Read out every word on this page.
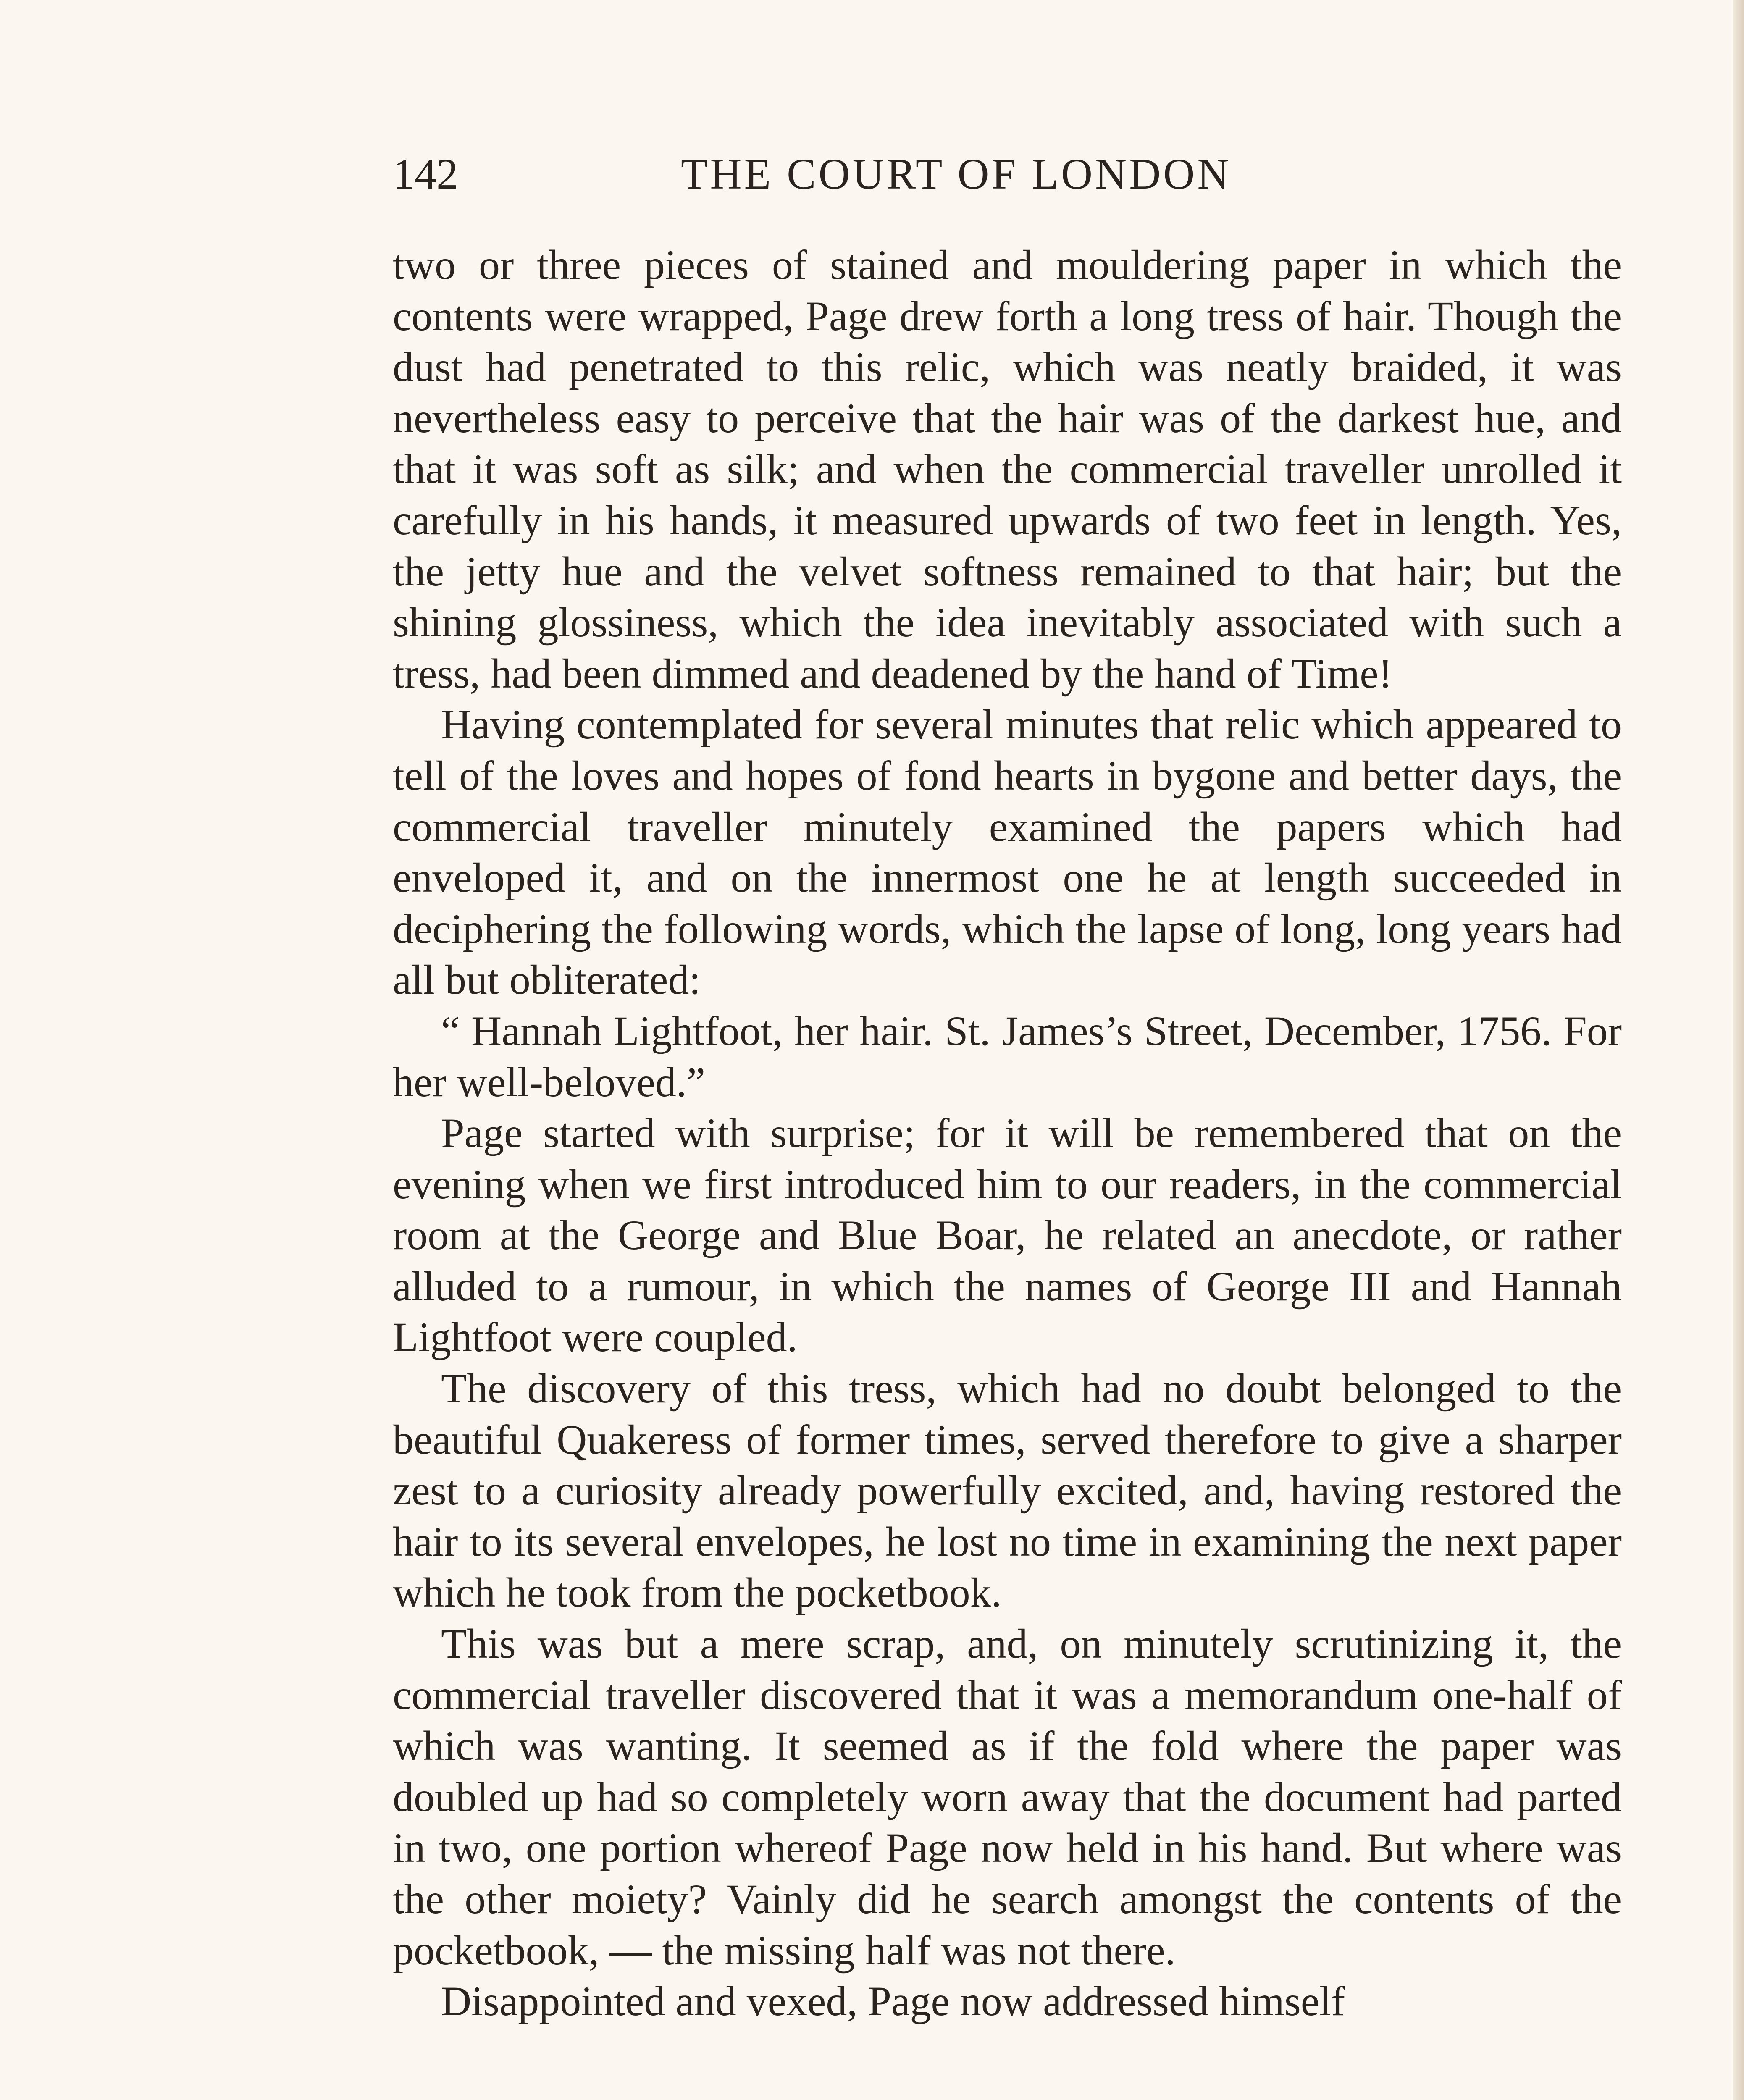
142	THE COURT OF LONDON

two or three pieces of stained and mouldering paper in which the contents were wrapped, Page drew forth a long tress of hair. Though the dust had penetrated to this relic, which was neatly braided, it was nevertheless easy to perceive that the hair was of the darkest hue, and that it was soft as silk; and when the commercial traveller unrolled it carefully in his hands, it measured upwards of two feet in length. Yes, the jetty hue and the velvet softness remained to that hair; but the shining glossiness, which the idea inevitably associated with such a tress, had been dimmed and deadened by the hand of Time!

Having contemplated for several minutes that relic which appeared to tell of the loves and hopes of fond hearts in bygone and better days, the commercial traveller minutely examined the papers which had enveloped it, and on the innermost one he at length succeeded in deciphering the following words, which the lapse of long, long years had all but obliterated:

“ Hannah Lightfoot, her hair. St. James’s Street, December, 1756. For her well-beloved.”

Page started with surprise; for it will be remembered that on the evening when we first introduced him to our readers, in the commercial room at the George and Blue Boar, he related an anecdote, or rather alluded to a rumour, in which the names of George III and Hannah Lightfoot were coupled.

The discovery of this tress, which had no doubt belonged to the beautiful Quakeress of former times, served therefore to give a sharper zest to a curiosity already powerfully excited, and, having restored the hair to its several envelopes, he lost no time in examining the next paper which he took from the pocketbook.

This was but a mere scrap, and, on minutely scrutinizing it, the commercial traveller discovered that it was a memorandum one-half of which was wanting. It seemed as if the fold where the paper was doubled up had so completely worn away that the document had parted in two, one portion whereof Page now held in his hand. But where was the other moiety? Vainly did he search amongst the contents of the pocketbook, — the missing half was not there.

Disappointed and vexed, Page now addressed himself
